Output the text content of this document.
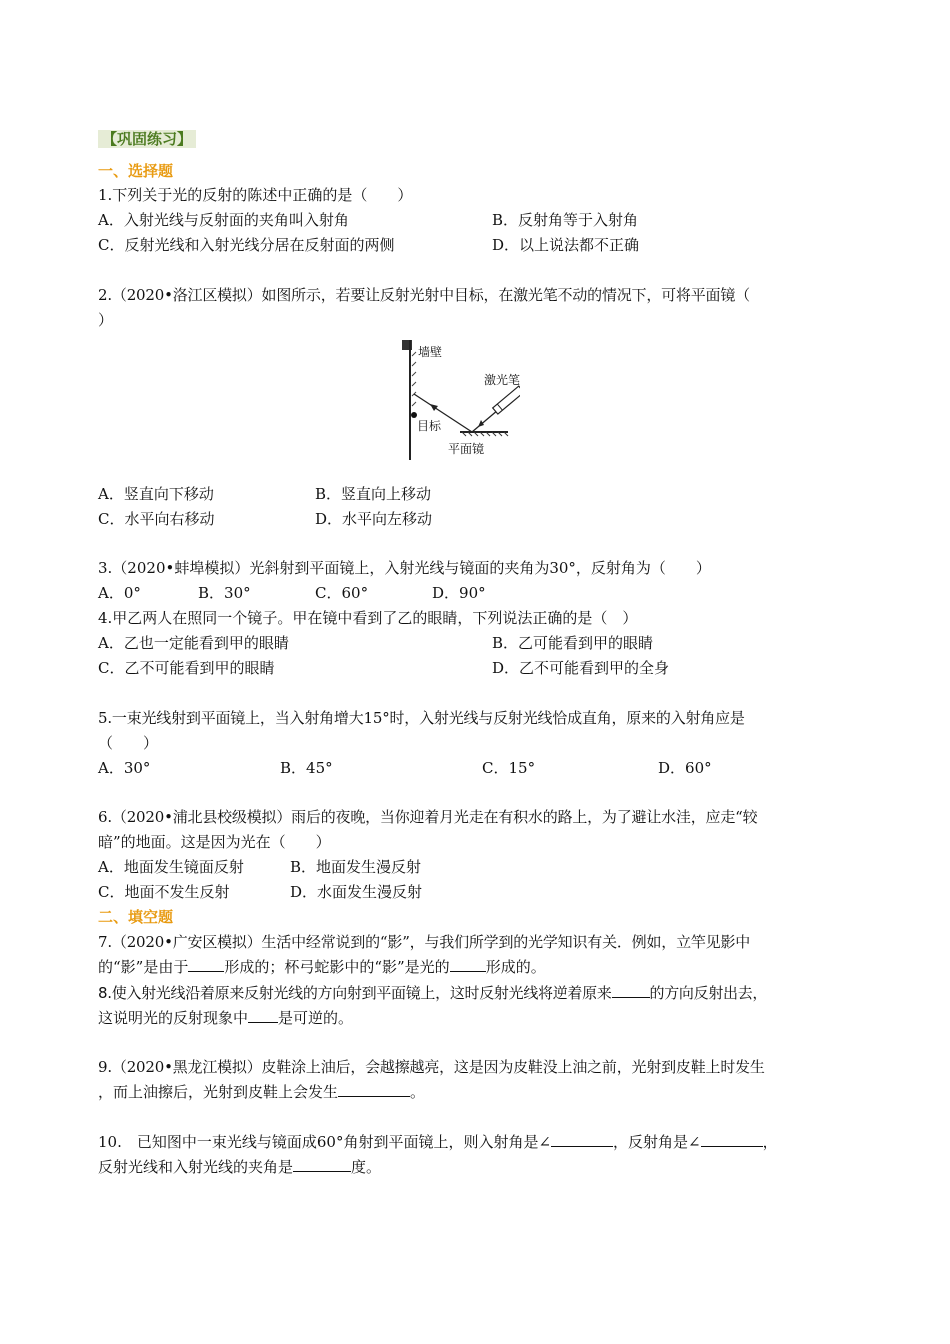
【巩固练习】
一、选择题
1.下列关于光的反射的陈述中正确的是（　　）
A．入射光线与反射面的夹角叫入射角	B．反射角等于入射角
C．反射光线和入射光线分居在反射面的两侧	D．以上说法都不正确
2.（2020•洛江区模拟）如图所示，若要让反射光射中目标，在激光笔不动的情况下，可将平面镜（
）
墙壁
激光笔
目标
平面镜
A．竖直向下移动	B．竖直向上移动
C．水平向右移动	D．水平向左移动
3.（2020•蚌埠模拟）光斜射到平面镜上，入射光线与镜面的夹角为30°，反射角为（　　）
A．0°	B．30°	C．60°	D．90°
4.甲乙两人在照同一个镜子。甲在镜中看到了乙的眼睛，下列说法正确的是（　）
A．乙也一定能看到甲的眼睛	B．乙可能看到甲的眼睛
C．乙不可能看到甲的眼睛	D．乙不可能看到甲的全身
5.一束光线射到平面镜上，当入射角增大15°时，入射光线与反射光线恰成直角，原来的入射角应是
（　　）
A．30°	B．45°	C．15°	D．60°
6.（2020•浦北县校级模拟）雨后的夜晚，当你迎着月光走在有积水的路上，为了避让水洼，应走“较
暗”的地面。这是因为光在（　　）
A．地面发生镜面反射	B．地面发生漫反射
C．地面不发生反射	D．水面发生漫反射
二、填空题
7.（2020•广安区模拟）生活中经常说到的“影”，与我们所学到的光学知识有关．例如，立竿见影中
的“影”是由于 形成的；杯弓蛇影中的“影”是光的 形成的。
8.使入射光线沿着原来反射光线的方向射到平面镜上，这时反射光线将逆着原来	的方向反射出去，
这说明光的反射现象中 是可逆的。
9.（2020•黑龙江模拟）皮鞋涂上油后，会越擦越亮，这是因为皮鞋没上油之前，光射到皮鞋上时发生
，而上油擦后，光射到皮鞋上会发生	。
10.　已知图中一束光线与镜面成60°角射到平面镜上，则入射角是∠	，反射角是∠	，
反射光线和入射光线的夹角是	度。
